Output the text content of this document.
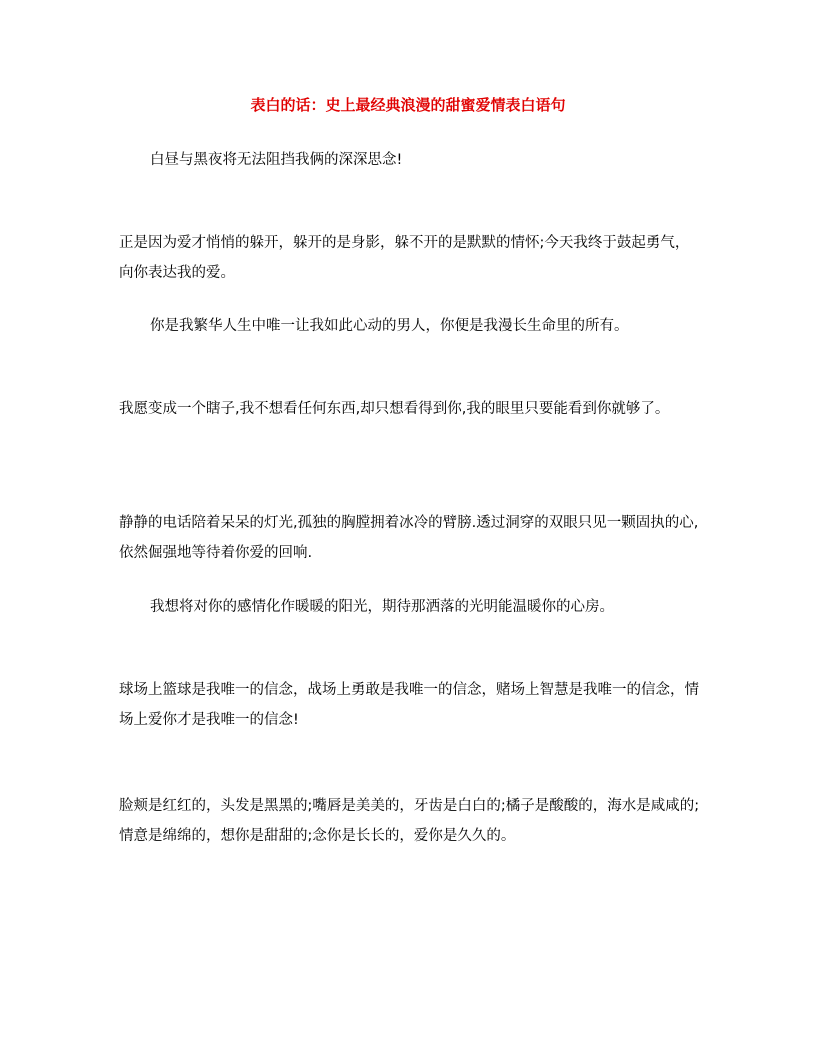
表白的话：史上最经典浪漫的甜蜜爱情表白语句

白昼与黑夜将无法阻挡我俩的深深思念!

正是因为爱才悄悄的躲开，躲开的是身影，躲不开的是默默的情怀;今天我终于鼓起勇气，向你表达我的爱。

你是我繁华人生中唯一让我如此心动的男人，你便是我漫长生命里的所有。

我愿变成一个瞎子,我不想看任何东西,却只想看得到你,我的眼里只要能看到你就够了。

静静的电话陪着呆呆的灯光,孤独的胸膛拥着冰冷的臂膀.透过洞穿的双眼只见一颗固执的心,依然倔强地等待着你爱的回响.

我想将对你的感情化作暖暖的阳光，期待那洒落的光明能温暖你的心房。

球场上篮球是我唯一的信念，战场上勇敢是我唯一的信念，赌场上智慧是我唯一的信念，情场上爱你才是我唯一的信念!

脸颊是红红的，头发是黑黑的;嘴唇是美美的，牙齿是白白的;橘子是酸酸的，海水是咸咸的;情意是绵绵的，想你是甜甜的;念你是长长的，爱你是久久的。
